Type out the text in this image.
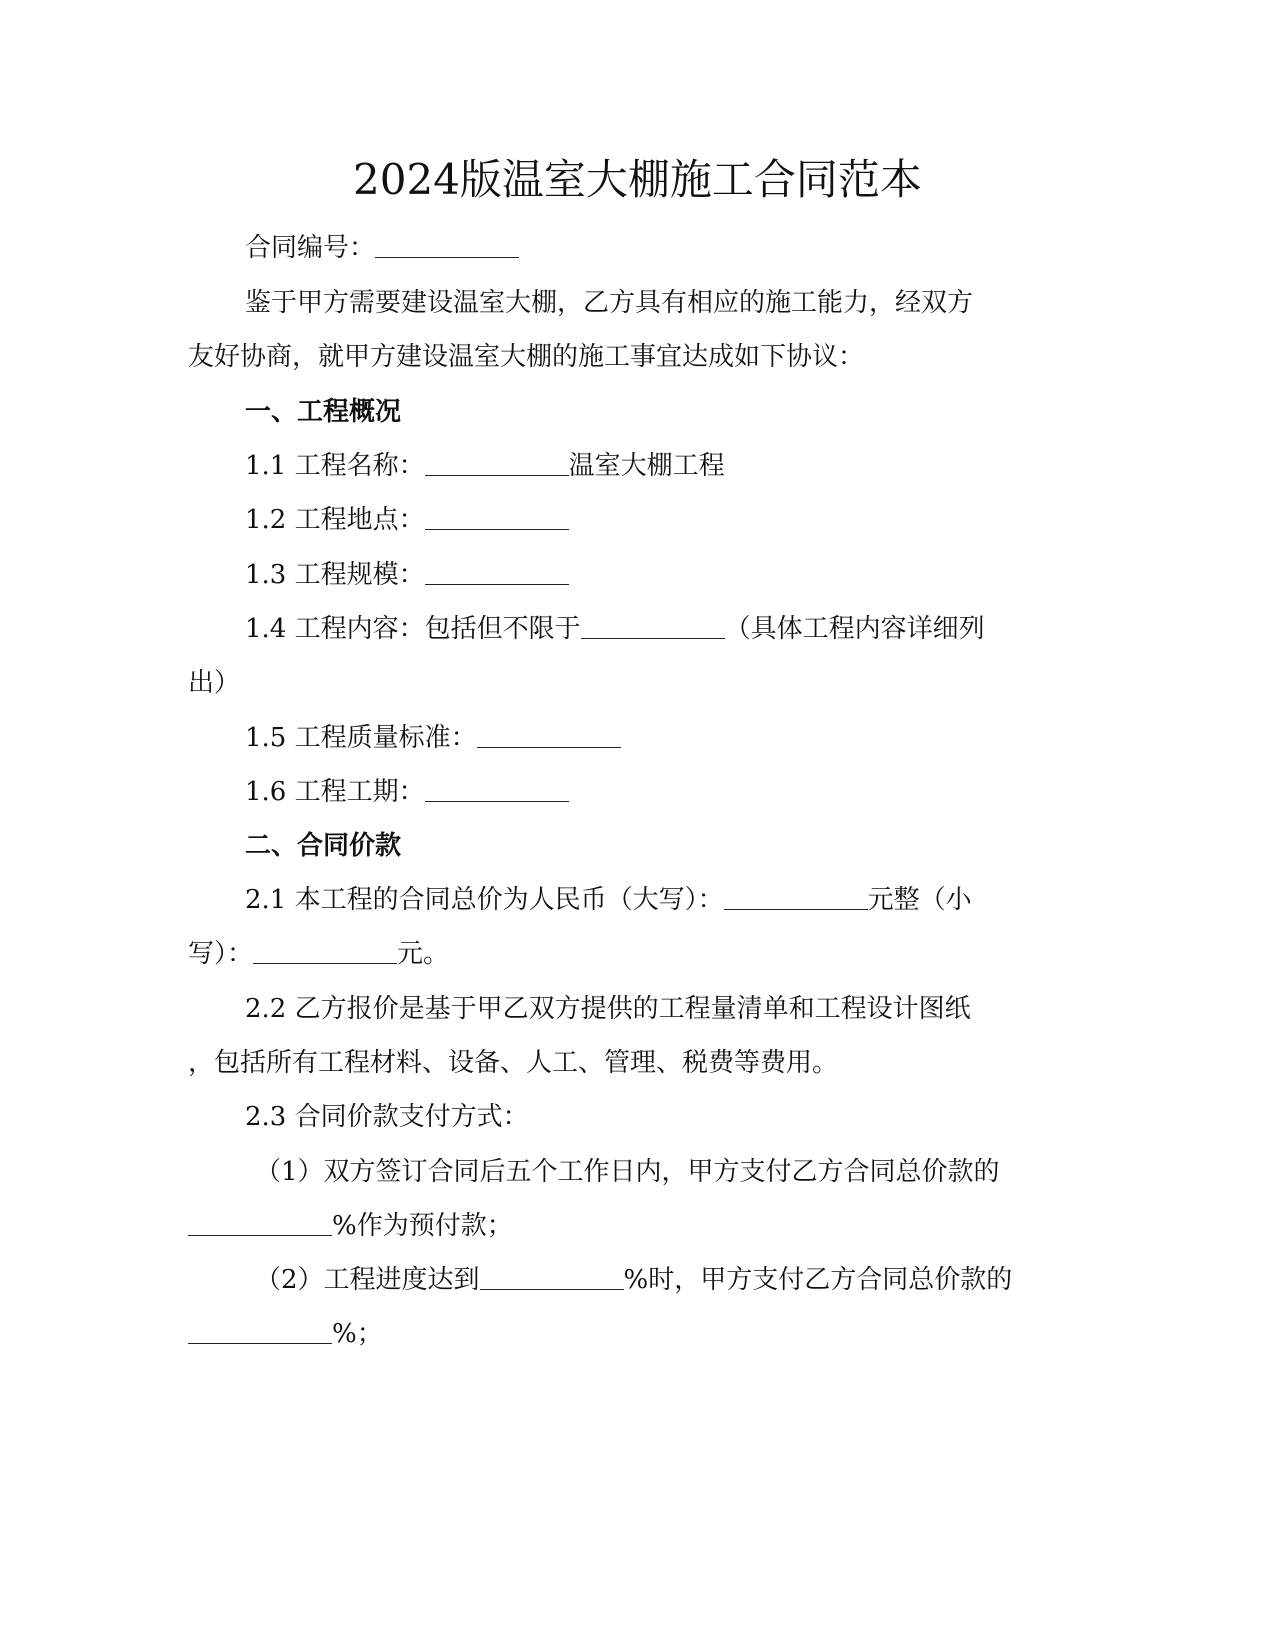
2024版温室大棚施工合同范本
合同编号：
鉴于甲方需要建设温室大棚，乙方具有相应的施工能力，经双方
友好协商，就甲方建设温室大棚的施工事宜达成如下协议：
一、工程概况
1.1 工程名称：	温室大棚工程
1.2 工程地点：
1.3 工程规模：
1.4 工程内容：包括但不限于	（具体工程内容详细列
出）
1.5 工程质量标准：
1.6 工程工期：
二、合同价款
2.1 本工程的合同总价为人民币（大写）：	元整（小
写）：	元。
2.2 乙方报价是基于甲乙双方提供的工程量清单和工程设计图纸
，包括所有工程材料、设备、人工、管理、税费等费用。
2.3 合同价款支付方式：
（1）双方签订合同后五个工作日内，甲方支付乙方合同总价款的
%作为预付款；
（2）工程进度达到	%时，甲方支付乙方合同总价款的
%；
